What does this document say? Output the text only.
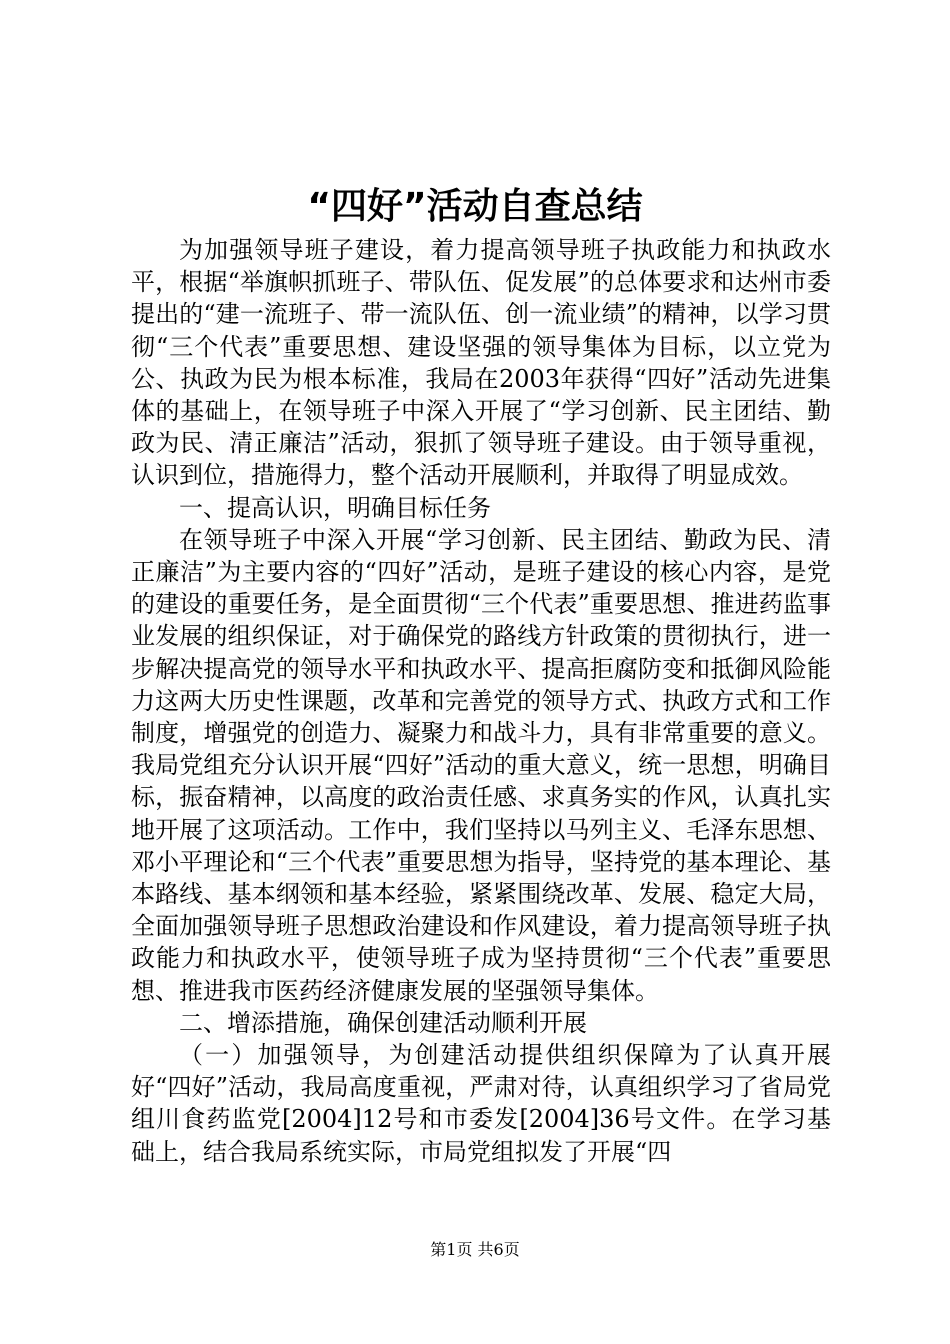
“四好”活动自查总结

为加强领导班子建设，着力提高领导班子执政能力和执政水平，根据“举旗帜抓班子、带队伍、促发展”的总体要求和达州市委提出的“建一流班子、带一流队伍、创一流业绩”的精神，以学习贯彻“三个代表”重要思想、建设坚强的领导集体为目标，以立党为公、执政为民为根本标准，我局在2003年获得“四好”活动先进集体的基础上，在领导班子中深入开展了“学习创新、民主团结、勤政为民、清正廉洁”活动，狠抓了领导班子建设。由于领导重视，认识到位，措施得力，整个活动开展顺利，并取得了明显成效。

一、提高认识，明确目标任务

在领导班子中深入开展“学习创新、民主团结、勤政为民、清正廉洁”为主要内容的“四好”活动，是班子建设的核心内容，是党的建设的重要任务，是全面贯彻“三个代表”重要思想、推进药监事业发展的组织保证，对于确保党的路线方针政策的贯彻执行，进一步解决提高党的领导水平和执政水平、提高拒腐防变和抵御风险能力这两大历史性课题，改革和完善党的领导方式、执政方式和工作制度，增强党的创造力、凝聚力和战斗力，具有非常重要的意义。我局党组充分认识开展“四好”活动的重大意义，统一思想，明确目标，振奋精神，以高度的政治责任感、求真务实的作风，认真扎实地开展了这项活动。工作中，我们坚持以马列主义、毛泽东思想、邓小平理论和“三个代表”重要思想为指导，坚持党的基本理论、基本路线、基本纲领和基本经验，紧紧围绕改革、发展、稳定大局，全面加强领导班子思想政治建设和作风建设，着力提高领导班子执政能力和执政水平，使领导班子成为坚持贯彻“三个代表”重要思想、推进我市医药经济健康发展的坚强领导集体。

二、增添措施，确保创建活动顺利开展

（一）加强领导，为创建活动提供组织保障为了认真开展好“四好”活动，我局高度重视，严肃对待，认真组织学习了省局党组川食药监党[2004]12号和市委发[2004]36号文件。在学习基础上，结合我局系统实际，市局党组拟发了开展“四

第1页 共6页
